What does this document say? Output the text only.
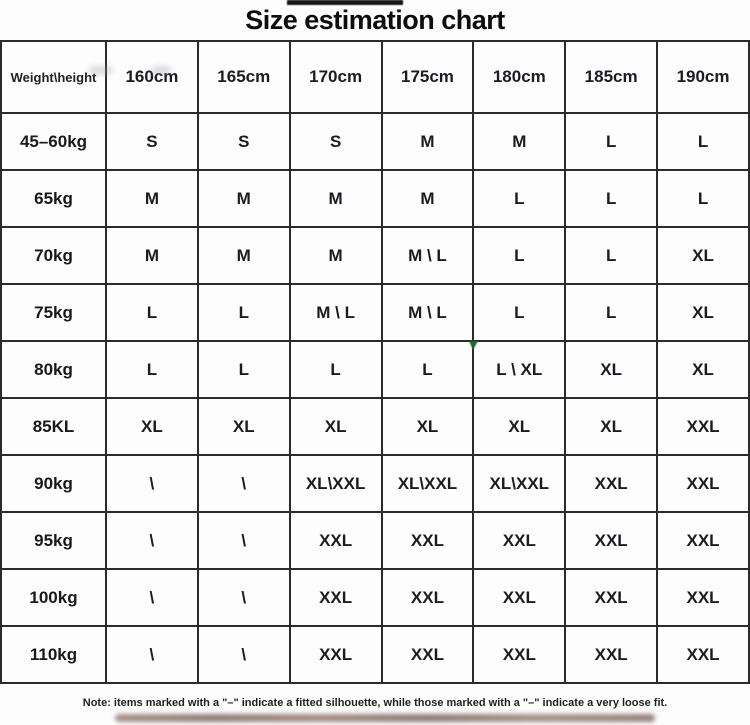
Size estimation chart
Weight\height	160cm	165cm	170cm	175cm	180cm	185cm	190cm
45–60kg	S	S	S	M	M	L	L
65kg	M	M	M	M	L	L	L
70kg	M	M	M	M \ L	L	L	XL
75kg	L	L	M \ L	M \ L	L	L	XL
80kg	L	L	L	L	L \ XL	XL	XL
85KL	XL	XL	XL	XL	XL	XL	XXL
90kg	\	\	XL\XXL	XL\XXL	XL\XXL	XXL	XXL
95kg	\	\	XXL	XXL	XXL	XXL	XXL
100kg	\	\	XXL	XXL	XXL	XXL	XXL
110kg	\	\	XXL	XXL	XXL	XXL	XXL
Note: items marked with a "–" indicate a fitted silhouette, while those marked with a "–" indicate a very loose fit.
